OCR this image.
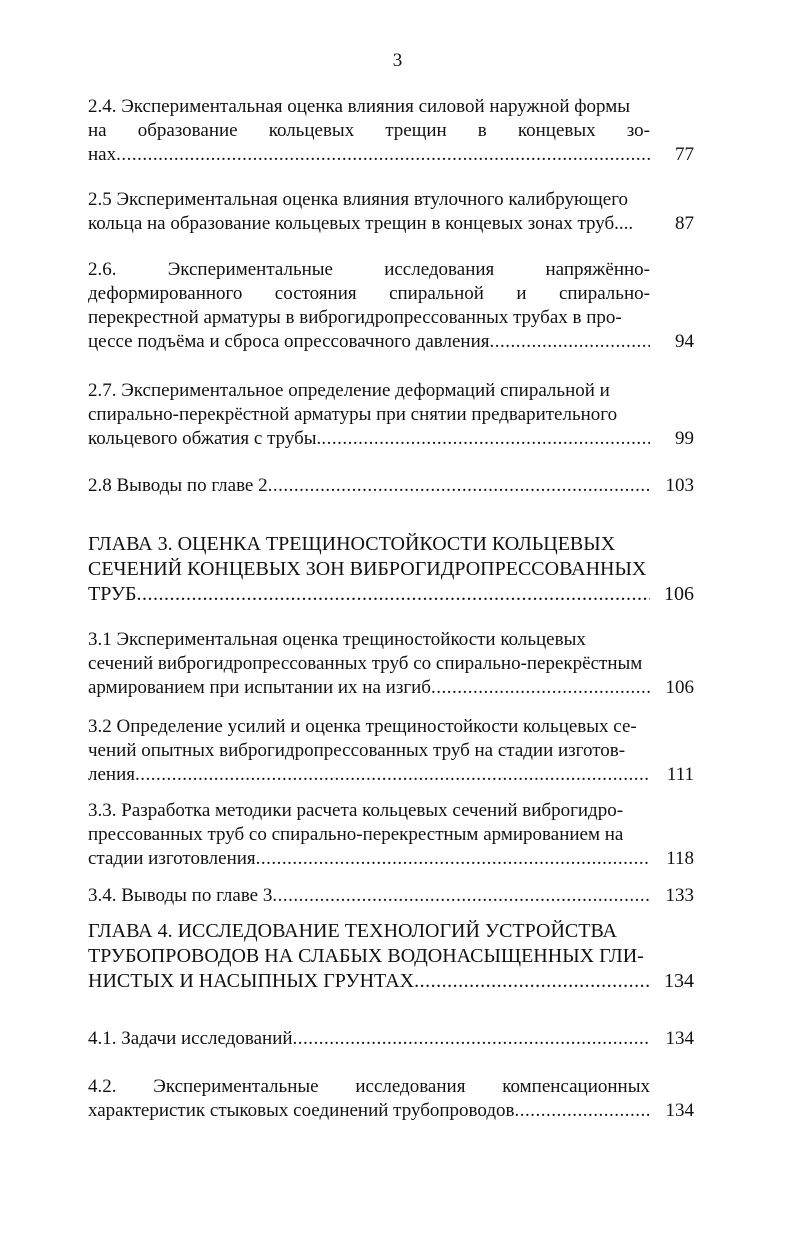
3
2.4. Экспериментальная оценка влияния силовой наружной формы
на образование кольцевых трещин в концевых зо-
нах .....	77
2.5 Экспериментальная оценка влияния втулочного калибрующего
кольца на образование кольцевых трещин в концевых зонах труб....	87
2.6.	Экспериментальные	исследования	напряжённо-
деформированного состояния спиральной и спирально-
перекрестной арматуры в виброгидропрессованных трубах в про-
цессе подъёма и сброса опрессовачного давления .....	94
2.7. Экспериментальное определение деформаций спиральной и
спирально-перекрёстной арматуры при снятии предварительного
кольцевого обжатия с трубы. .....	99
2.8 Выводы по главе 2 .....	103
ГЛАВА 3. ОЦЕНКА ТРЕЩИНОСТОЙКОСТИ КОЛЬЦЕВЫХ
СЕЧЕНИЙ КОНЦЕВЫХ ЗОН ВИБРОГИДРОПРЕССОВАННЫХ
ТРУБ .....	106
3.1 Экспериментальная оценка трещиностойкости кольцевых
сечений виброгидропрессованных труб со спирально-перекрёстным
армированием при испытании их на изгиб .....	106
3.2 Определение усилий и оценка трещиностойкости кольцевых се-
чений опытных виброгидропрессованных труб на стадии изготов-
ления .....	111
3.3. Разработка методики расчета кольцевых сечений виброгидро-
прессованных труб со спирально-перекрестным армированием на
стадии изготовления .....	118
3.4. Выводы по главе 3 .....	133
ГЛАВА 4. ИССЛЕДОВАНИЕ ТЕХНОЛОГИЙ УСТРОЙСТВА
ТРУБОПРОВОДОВ НА СЛАБЫХ ВОДОНАСЫЩЕННЫХ ГЛИ-
НИСТЫХ И НАСЫПНЫХ ГРУНТАХ .....	134
4.1. Задачи исследований .....	134
4.2. Экспериментальные исследования компенсационных
характеристик стыковых соединений трубопроводов .....	134
